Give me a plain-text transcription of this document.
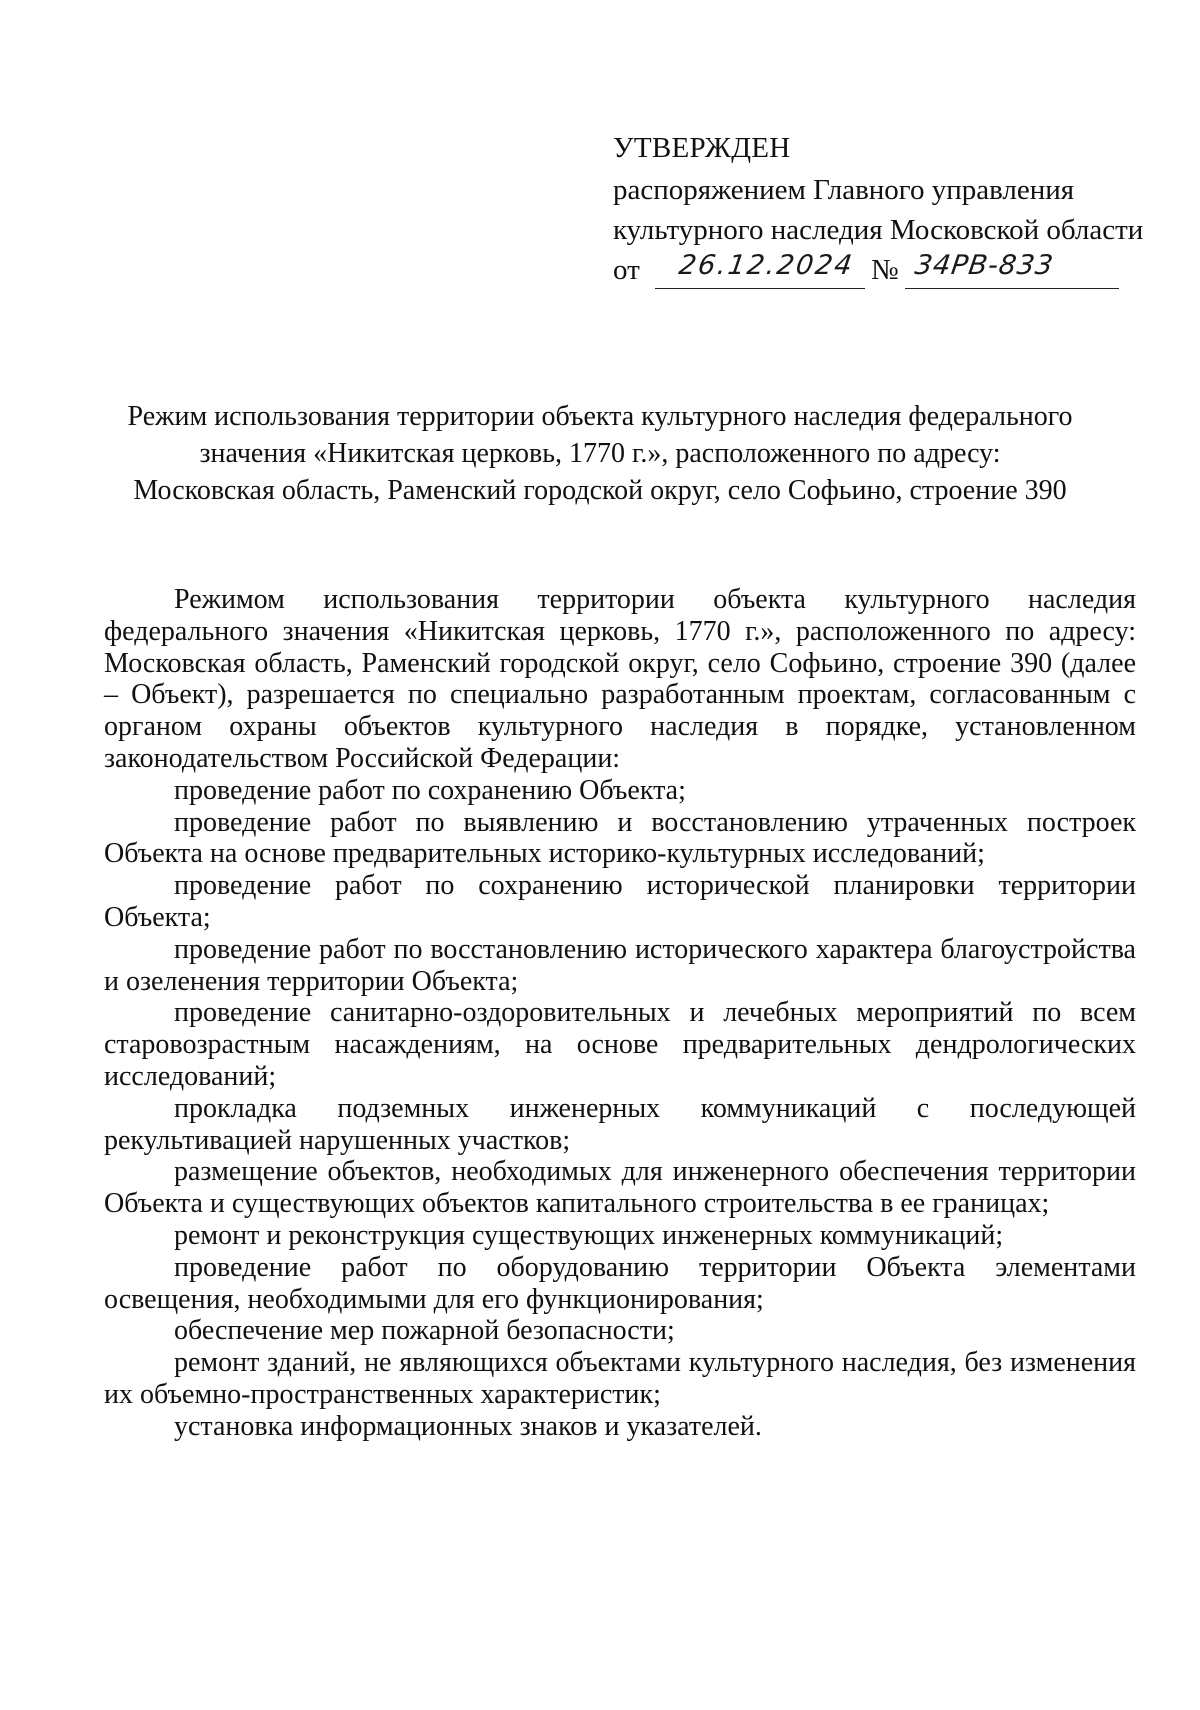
УТВЕРЖДЕН
распоряжением Главного управления
культурного наследия Московской области
от 26.12.2024 № 34РВ-833
Режим использования территории объекта культурного наследия федерального
значения «Никитская церковь, 1770 г.», расположенного по адресу:
Московская область, Раменский городской округ, село Софьино, строение 390

Режимом использования территории объекта культурного наследия федерального значения «Никитская церковь, 1770 г.», расположенного по адресу: Московская область, Раменский городской округ, село Софьино, строение 390 (далее – Объект), разрешается по специально разработанным проектам, согласованным с органом охраны объектов культурного наследия в порядке, установленном законодательством Российской Федерации:

проведение работ по сохранению Объекта;

проведение работ по выявлению и восстановлению утраченных построек Объекта на основе предварительных историко-культурных исследований;

проведение работ по сохранению исторической планировки территории Объекта;

проведение работ по восстановлению исторического характера благоустройства и озеленения территории Объекта;

проведение санитарно-оздоровительных и лечебных мероприятий по всем старовозрастным насаждениям, на основе предварительных дендрологических исследований;

прокладка подземных инженерных коммуникаций с последующей рекультивацией нарушенных участков;

размещение объектов, необходимых для инженерного обеспечения территории Объекта и существующих объектов капитального строительства в ее границах;

ремонт и реконструкция существующих инженерных коммуникаций;

проведение работ по оборудованию территории Объекта элементами освещения, необходимыми для его функционирования;

обеспечение мер пожарной безопасности;

ремонт зданий, не являющихся объектами культурного наследия, без изменения их объемно-пространственных характеристик;

установка информационных знаков и указателей.
